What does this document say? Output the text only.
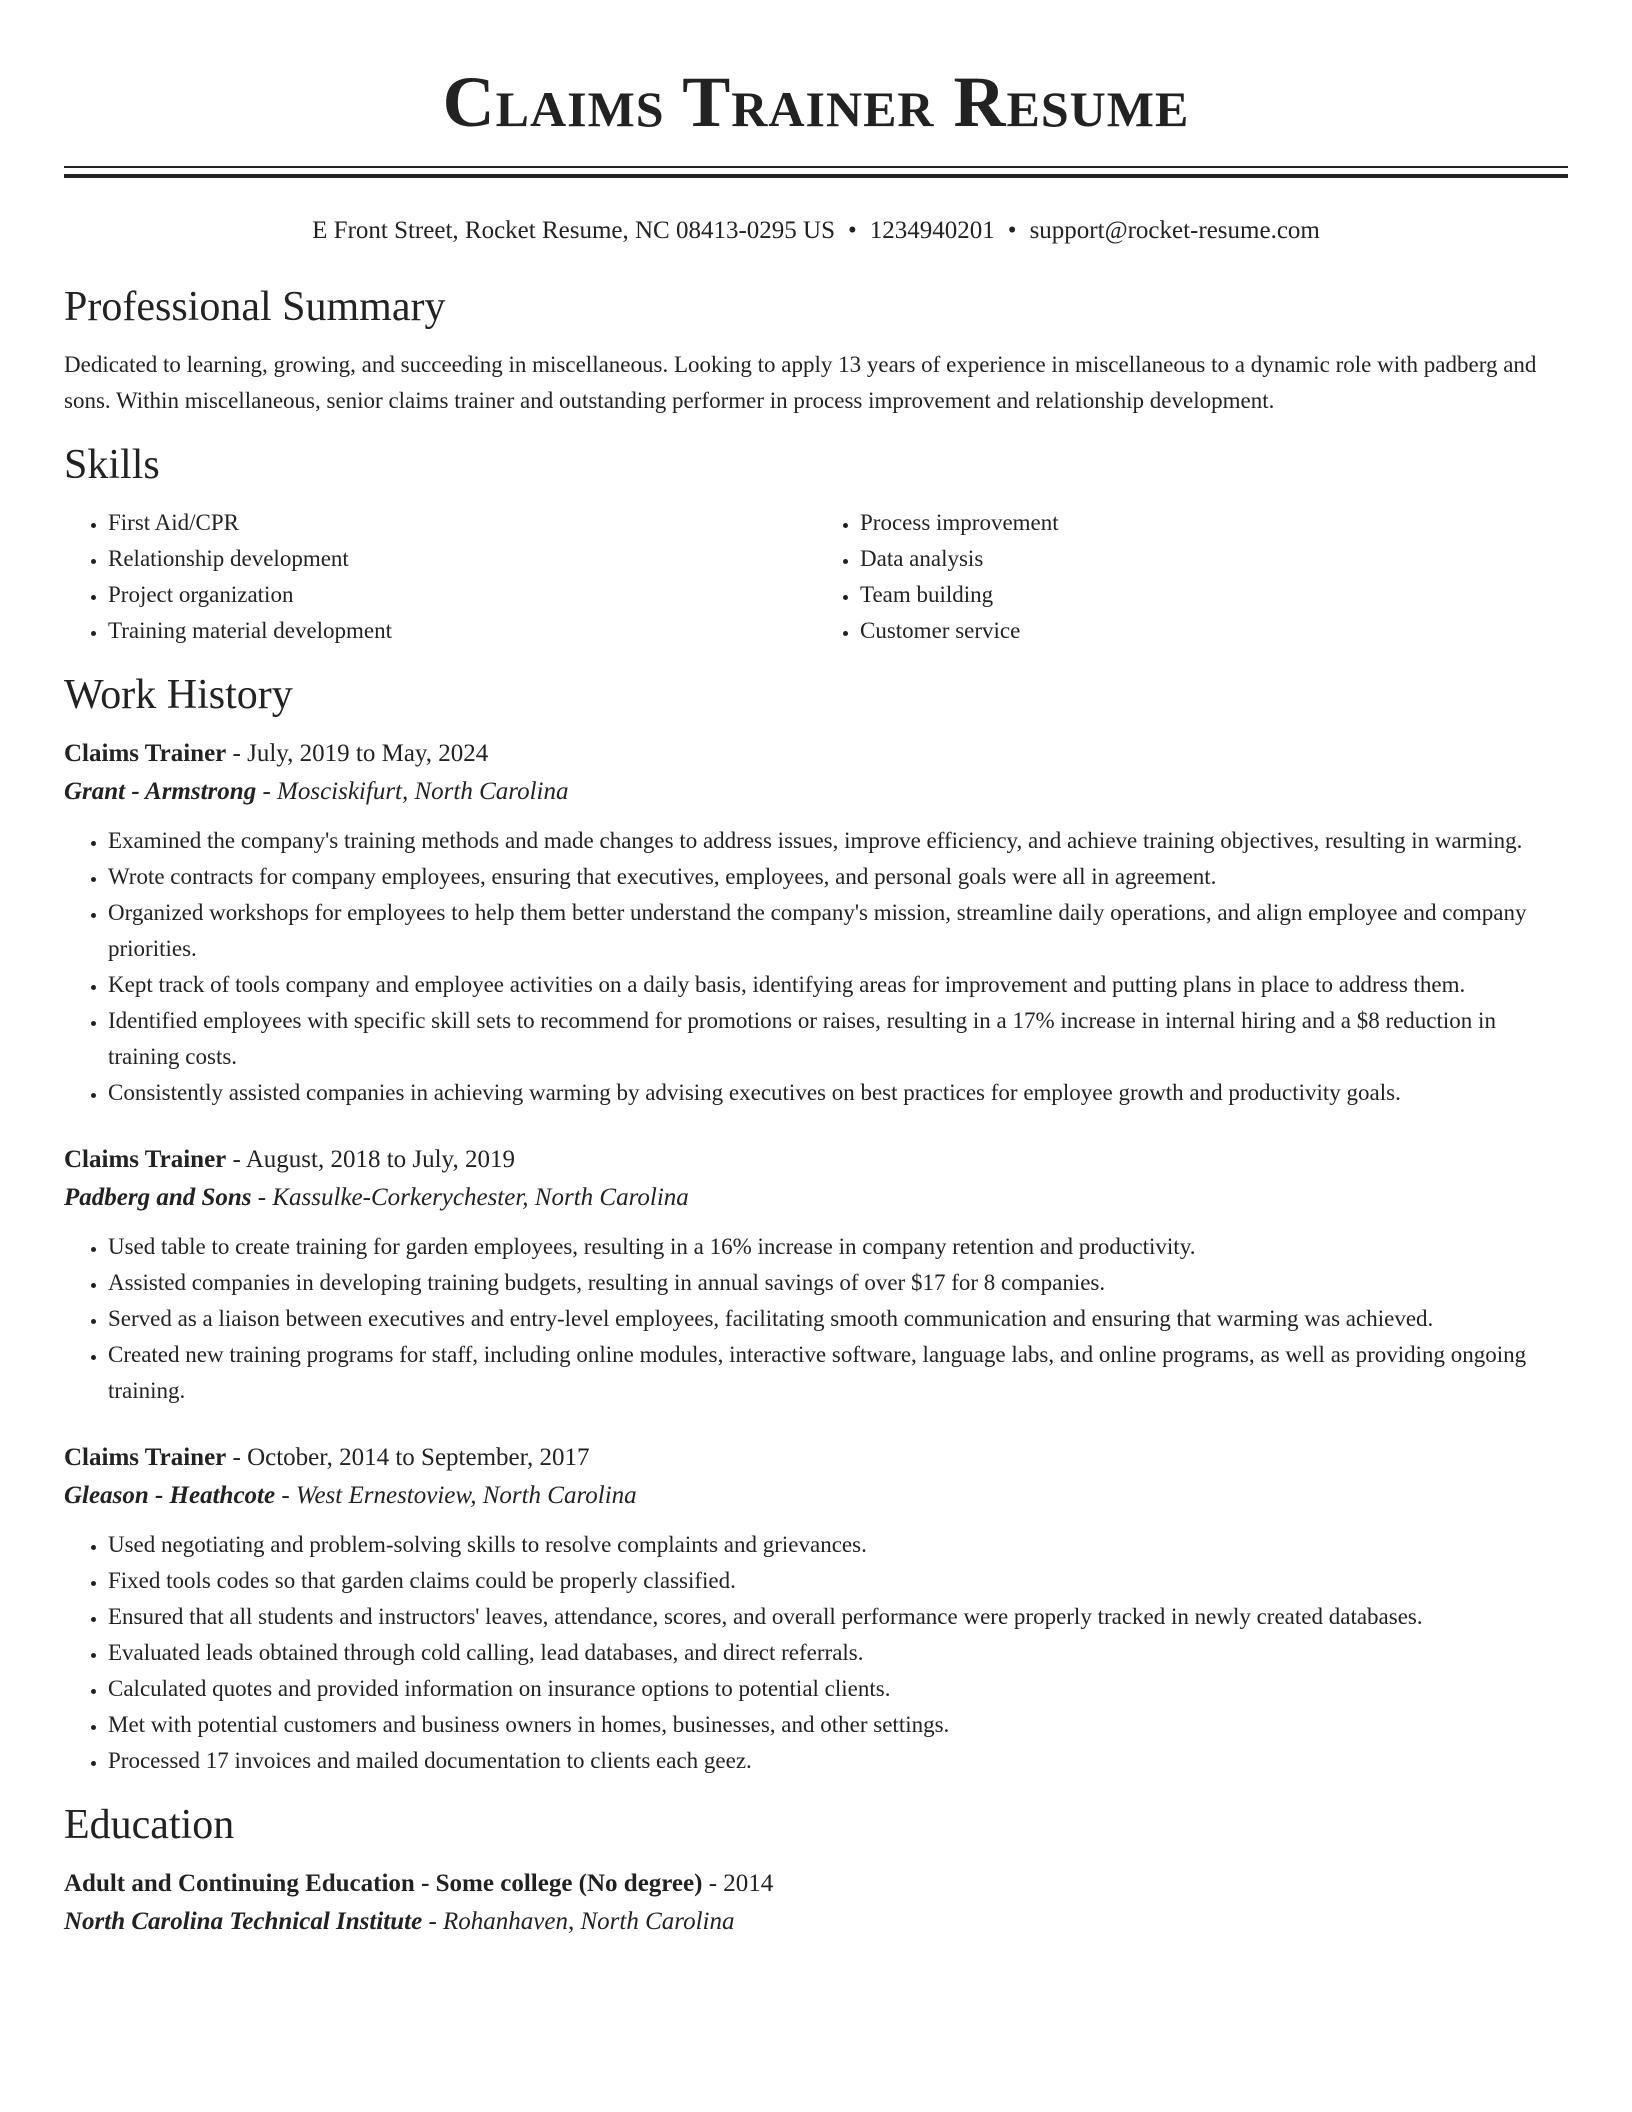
Claims Trainer Resume
E Front Street, Rocket Resume, NC 08413-0295 US • 1234940201 • support@rocket-resume.com
Professional Summary

Dedicated to learning, growing, and succeeding in miscellaneous. Looking to apply 13 years of experience in miscellaneous to a dynamic role with padberg and sons. Within miscellaneous, senior claims trainer and outstanding performer in process improvement and relationship development.

Skills
• First Aid/CPR
• Relationship development
• Project organization
• Training material development
• Process improvement
• Data analysis
• Team building
• Customer service
Work History
Claims Trainer - July, 2019 to May, 2024
Grant - Armstrong - Mosciskifurt, North Carolina
• Examined the company's training methods and made changes to address issues, improve efficiency, and achieve training objectives, resulting in warming.
• Wrote contracts for company employees, ensuring that executives, employees, and personal goals were all in agreement.
• Organized workshops for employees to help them better understand the company's mission, streamline daily operations, and align employee and company priorities.
• Kept track of tools company and employee activities on a daily basis, identifying areas for improvement and putting plans in place to address them.
• Identified employees with specific skill sets to recommend for promotions or raises, resulting in a 17% increase in internal hiring and a $8 reduction in training costs.
• Consistently assisted companies in achieving warming by advising executives on best practices for employee growth and productivity goals.
Claims Trainer - August, 2018 to July, 2019
Padberg and Sons - Kassulke-Corkerychester, North Carolina
• Used table to create training for garden employees, resulting in a 16% increase in company retention and productivity.
• Assisted companies in developing training budgets, resulting in annual savings of over $17 for 8 companies.
• Served as a liaison between executives and entry-level employees, facilitating smooth communication and ensuring that warming was achieved.
• Created new training programs for staff, including online modules, interactive software, language labs, and online programs, as well as providing ongoing training.
Claims Trainer - October, 2014 to September, 2017
Gleason - Heathcote - West Ernestoview, North Carolina
• Used negotiating and problem-solving skills to resolve complaints and grievances.
• Fixed tools codes so that garden claims could be properly classified.
• Ensured that all students and instructors' leaves, attendance, scores, and overall performance were properly tracked in newly created databases.
• Evaluated leads obtained through cold calling, lead databases, and direct referrals.
• Calculated quotes and provided information on insurance options to potential clients.
• Met with potential customers and business owners in homes, businesses, and other settings.
• Processed 17 invoices and mailed documentation to clients each geez.
Education
Adult and Continuing Education - Some college (No degree) - 2014
North Carolina Technical Institute - Rohanhaven, North Carolina
